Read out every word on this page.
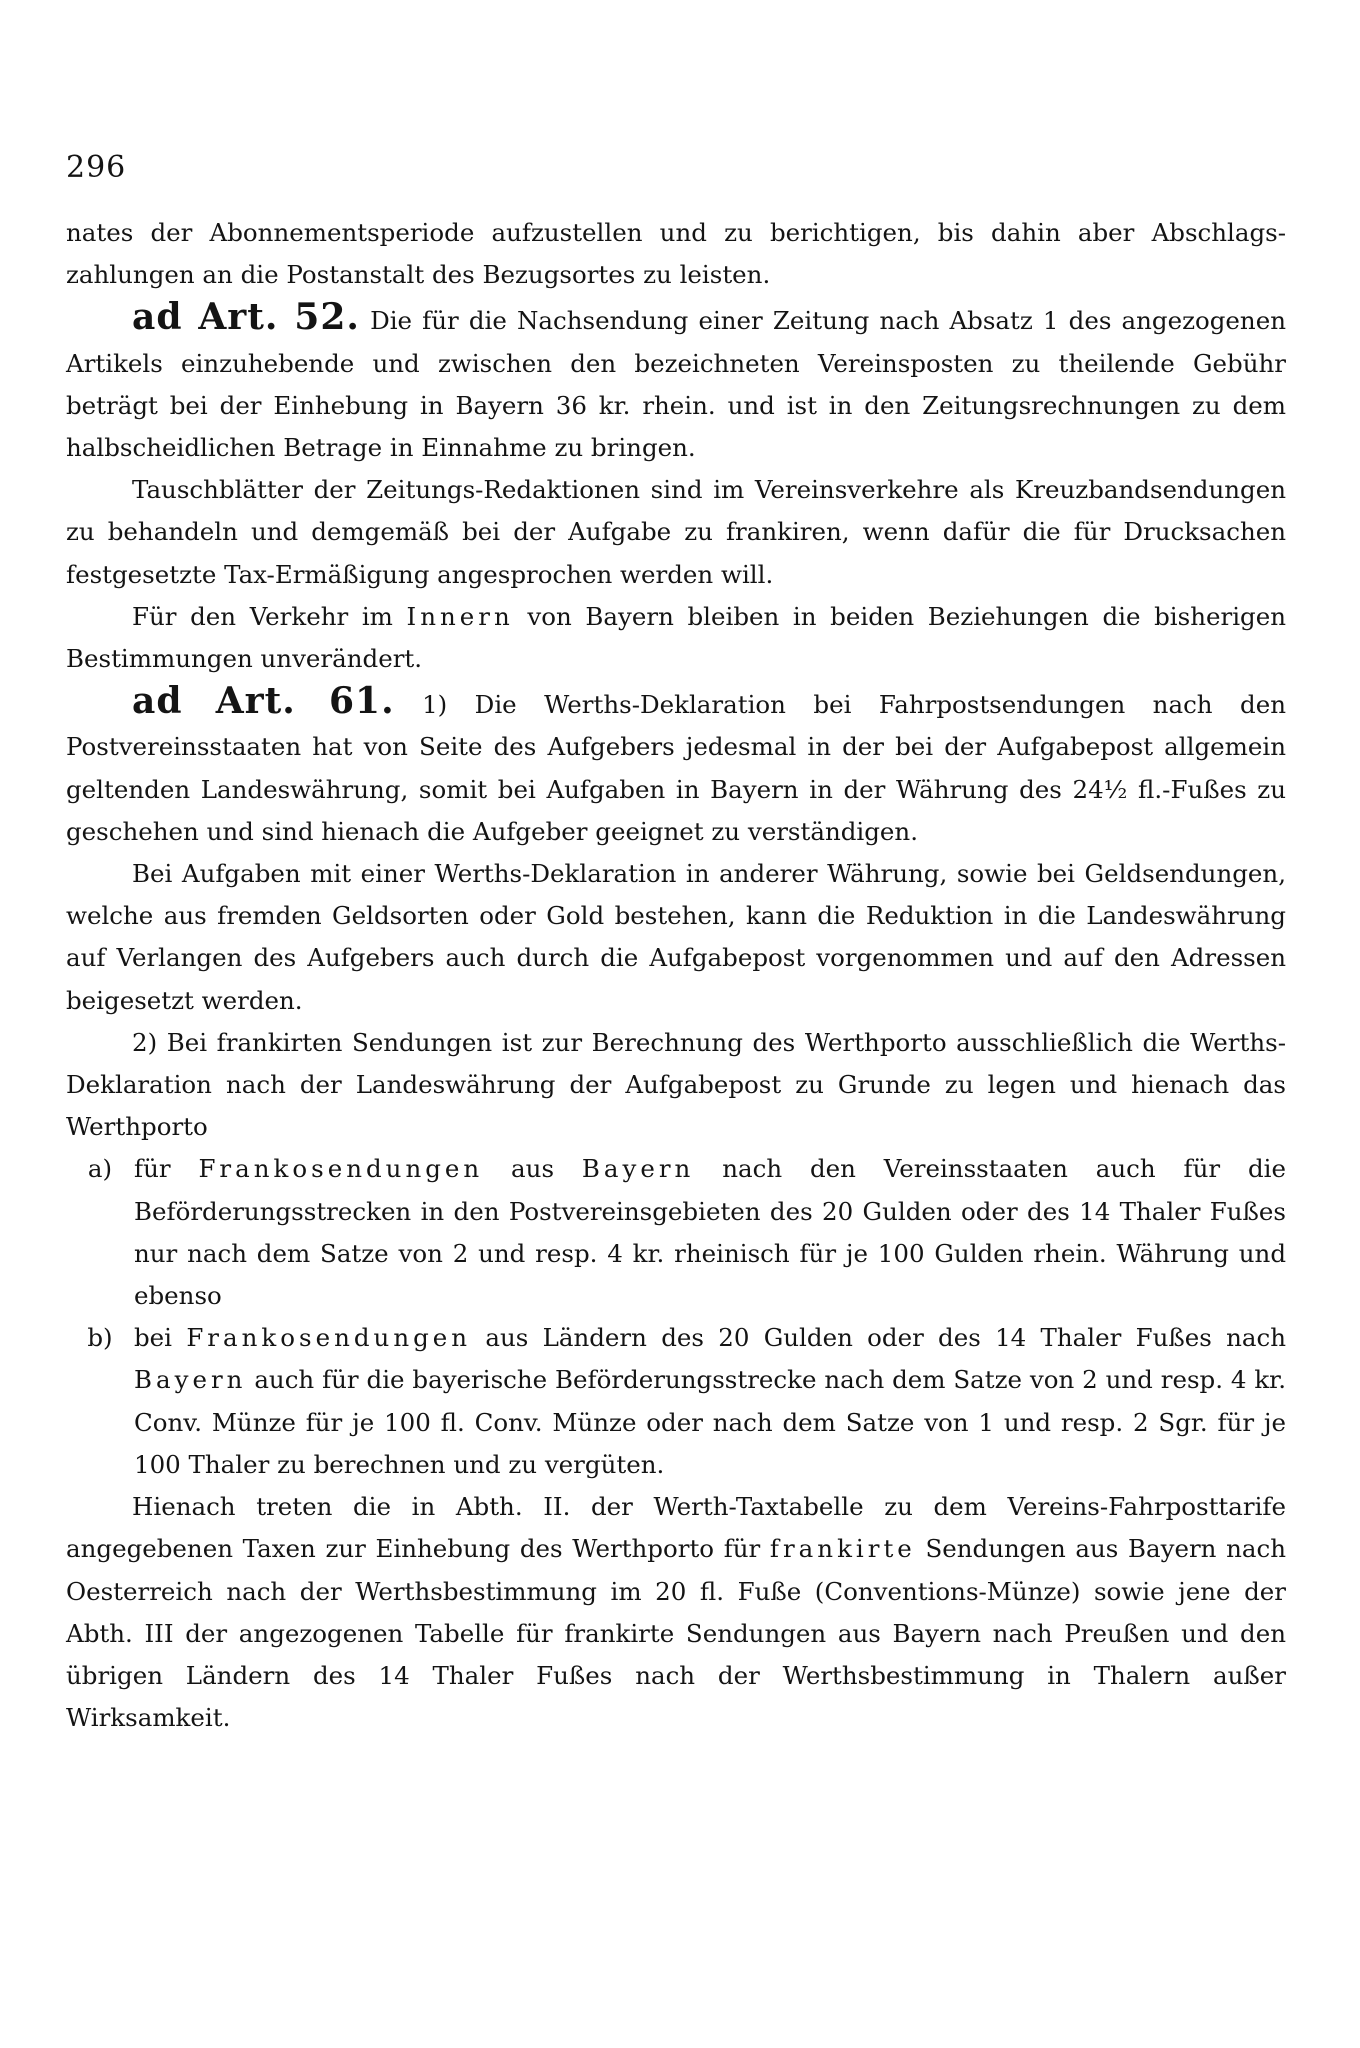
296

nates der Abonnementsperiode aufzustellen und zu berichtigen, bis dahin aber Abschlags-zahlungen an die Postanstalt des Bezugsortes zu leisten.

ad Art. 52. Die für die Nachsendung einer Zeitung nach Absatz 1 des angezogenen Artikels einzuhebende und zwischen den bezeichneten Vereinsposten zu theilende Gebühr beträgt bei der Einhebung in Bayern 36 kr. rhein. und ist in den Zeitungsrechnungen zu dem halbscheidlichen Betrage in Einnahme zu bringen.

Tauschblätter der Zeitungs-Redaktionen sind im Vereinsverkehre als Kreuzbandsendungen zu behandeln und demgemäß bei der Aufgabe zu frankiren, wenn dafür die für Drucksachen festgesetzte Tax-Ermäßigung angesprochen werden will.

Für den Verkehr im Innern von Bayern bleiben in beiden Beziehungen die bisherigen Bestimmungen unverändert.

ad Art. 61. 1) Die Werths-Deklaration bei Fahrpostsendungen nach den Postvereinsstaaten hat von Seite des Aufgebers jedesmal in der bei der Aufgabepost allgemein geltenden Landeswährung, somit bei Aufgaben in Bayern in der Währung des 24½ fl.-Fußes zu geschehen und sind hienach die Aufgeber geeignet zu verständigen.

Bei Aufgaben mit einer Werths-Deklaration in anderer Währung, sowie bei Geldsendungen, welche aus fremden Geldsorten oder Gold bestehen, kann die Reduktion in die Landeswährung auf Verlangen des Aufgebers auch durch die Aufgabepost vorgenommen und auf den Adressen beigesetzt werden.

2) Bei frankirten Sendungen ist zur Berechnung des Werthporto ausschließlich die Werths-Deklaration nach der Landeswährung der Aufgabepost zu Grunde zu legen und hienach das Werthporto

a) für Frankosendungen aus Bayern nach den Vereinsstaaten auch für die Beförderungsstrecken in den Postvereinsgebieten des 20 Gulden oder des 14 Thaler Fußes nur nach dem Satze von 2 und resp. 4 kr. rheinisch für je 100 Gulden rhein. Währung und ebenso
b) bei Frankosendungen aus Ländern des 20 Gulden oder des 14 Thaler Fußes nach Bayern auch für die bayerische Beförderungsstrecke nach dem Satze von 2 und resp. 4 kr. Conv. Münze für je 100 fl. Conv. Münze oder nach dem Satze von 1 und resp. 2 Sgr. für je 100 Thaler zu berechnen und zu vergüten.

Hienach treten die in Abth. II. der Werth-Taxtabelle zu dem Vereins-Fahrposttarife angegebenen Taxen zur Einhebung des Werthporto für frankirte Sendungen aus Bayern nach Oesterreich nach der Werthsbestimmung im 20 fl. Fuße (Conventions-Münze) sowie jene der Abth. III der angezogenen Tabelle für frankirte Sendungen aus Bayern nach Preußen und den übrigen Ländern des 14 Thaler Fußes nach der Werthsbestimmung in Thalern außer Wirksamkeit.
